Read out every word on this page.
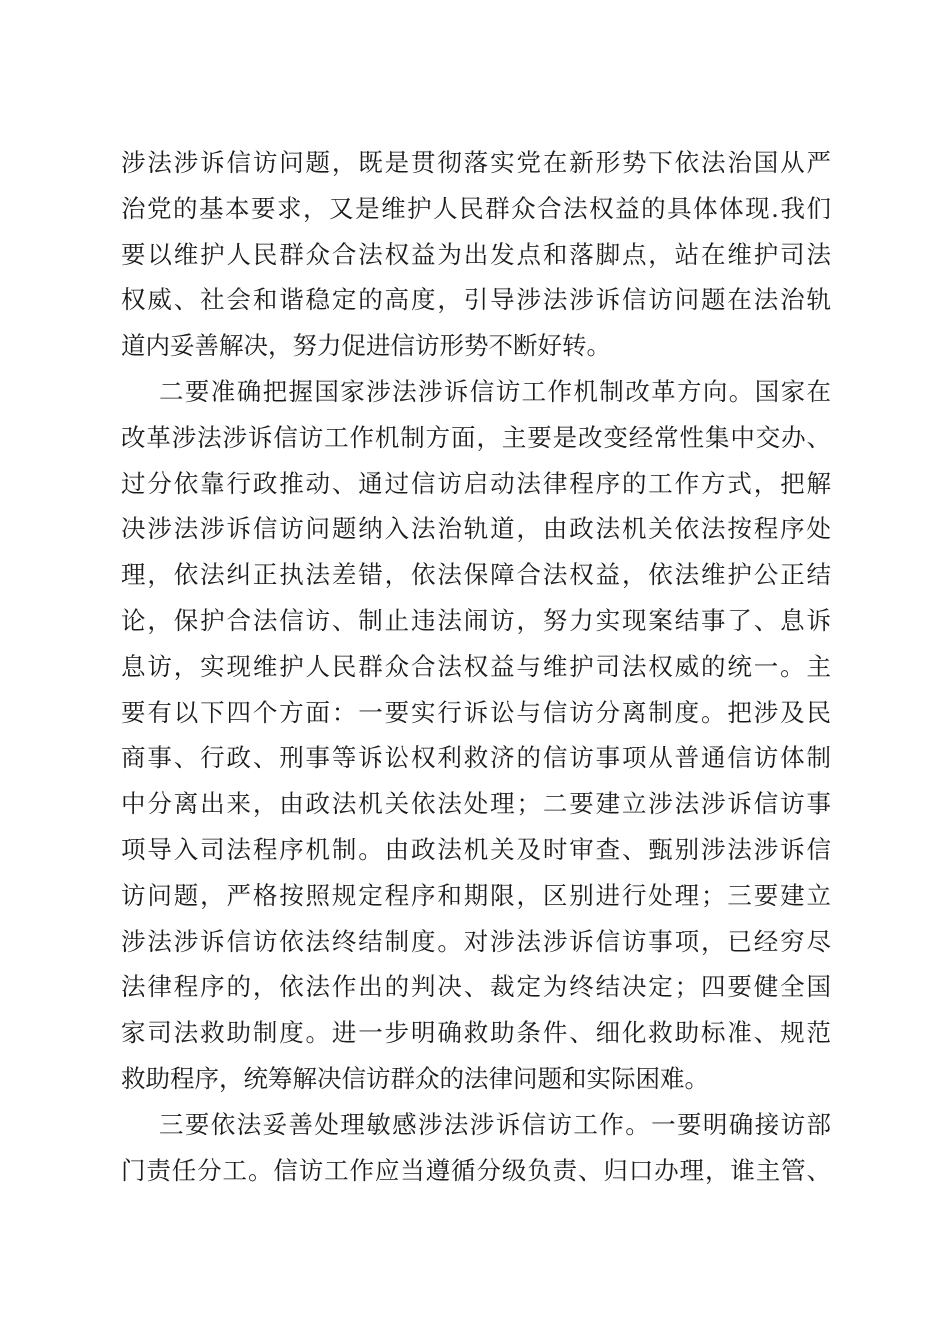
涉法涉诉信访问题，既是贯彻落实党在新形势下依法治国从严
治党的基本要求，又是维护人民群众合法权益的具体体现.我们
要以维护人民群众合法权益为出发点和落脚点，站在维护司法
权威、社会和谐稳定的高度，引导涉法涉诉信访问题在法治轨
道内妥善解决，努力促进信访形势不断好转。
二要准确把握国家涉法涉诉信访工作机制改革方向。国家在
改革涉法涉诉信访工作机制方面，主要是改变经常性集中交办、
过分依靠行政推动、通过信访启动法律程序的工作方式，把解
决涉法涉诉信访问题纳入法治轨道，由政法机关依法按程序处
理，依法纠正执法差错，依法保障合法权益，依法维护公正结
论，保护合法信访、制止违法闹访，努力实现案结事了、息诉
息访，实现维护人民群众合法权益与维护司法权威的统一。主
要有以下四个方面：一要实行诉讼与信访分离制度。把涉及民
商事、行政、刑事等诉讼权利救济的信访事项从普通信访体制
中分离出来，由政法机关依法处理；二要建立涉法涉诉信访事
项导入司法程序机制。由政法机关及时审查、甄别涉法涉诉信
访问题，严格按照规定程序和期限，区别进行处理；三要建立
涉法涉诉信访依法终结制度。对涉法涉诉信访事项，已经穷尽
法律程序的，依法作出的判决、裁定为终结决定；四要健全国
家司法救助制度。进一步明确救助条件、细化救助标准、规范
救助程序，统筹解决信访群众的法律问题和实际困难。
三要依法妥善处理敏感涉法涉诉信访工作。一要明确接访部
门责任分工。信访工作应当遵循分级负责、归口办理，谁主管、
